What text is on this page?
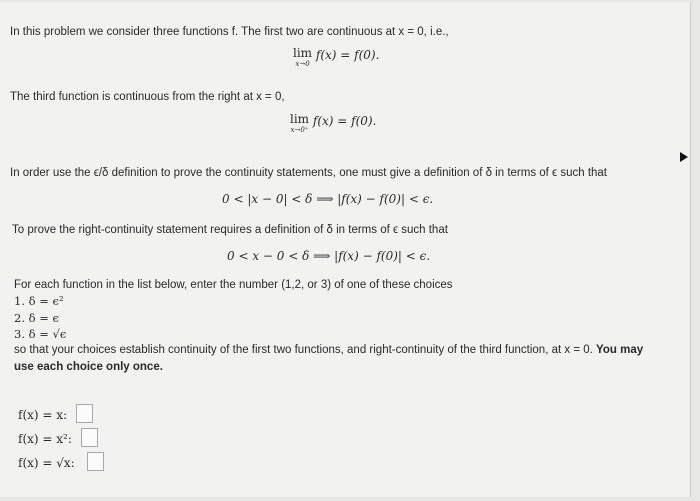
In this problem we consider three functions f. The first two are continuous at x = 0, i.e.,
lim
x→0
f(x) = f(0).
The third function is continuous from the right at x = 0,
lim
x→0⁺
f(x) = f(0).
In order use the ϵ/δ definition to prove the continuity statements, one must give a definition of δ in terms of ϵ such that
0 < |x − 0| < δ ⟹ |f(x) − f(0)| < ϵ.
To prove the right-continuity statement requires a definition of δ in terms of ϵ such that
0 < x − 0 < δ ⟹ |f(x) − f(0)| < ϵ.
For each function in the list below, enter the number (1,2, or 3) of one of these choices
1. δ = ϵ²
2. δ = ϵ
3. δ = √ϵ
so that your choices establish continuity of the first two functions, and right-continuity of the third function, at x = 0. You may
use each choice only once.
f(x) = x:
f(x) = x²:
f(x) = √x:
